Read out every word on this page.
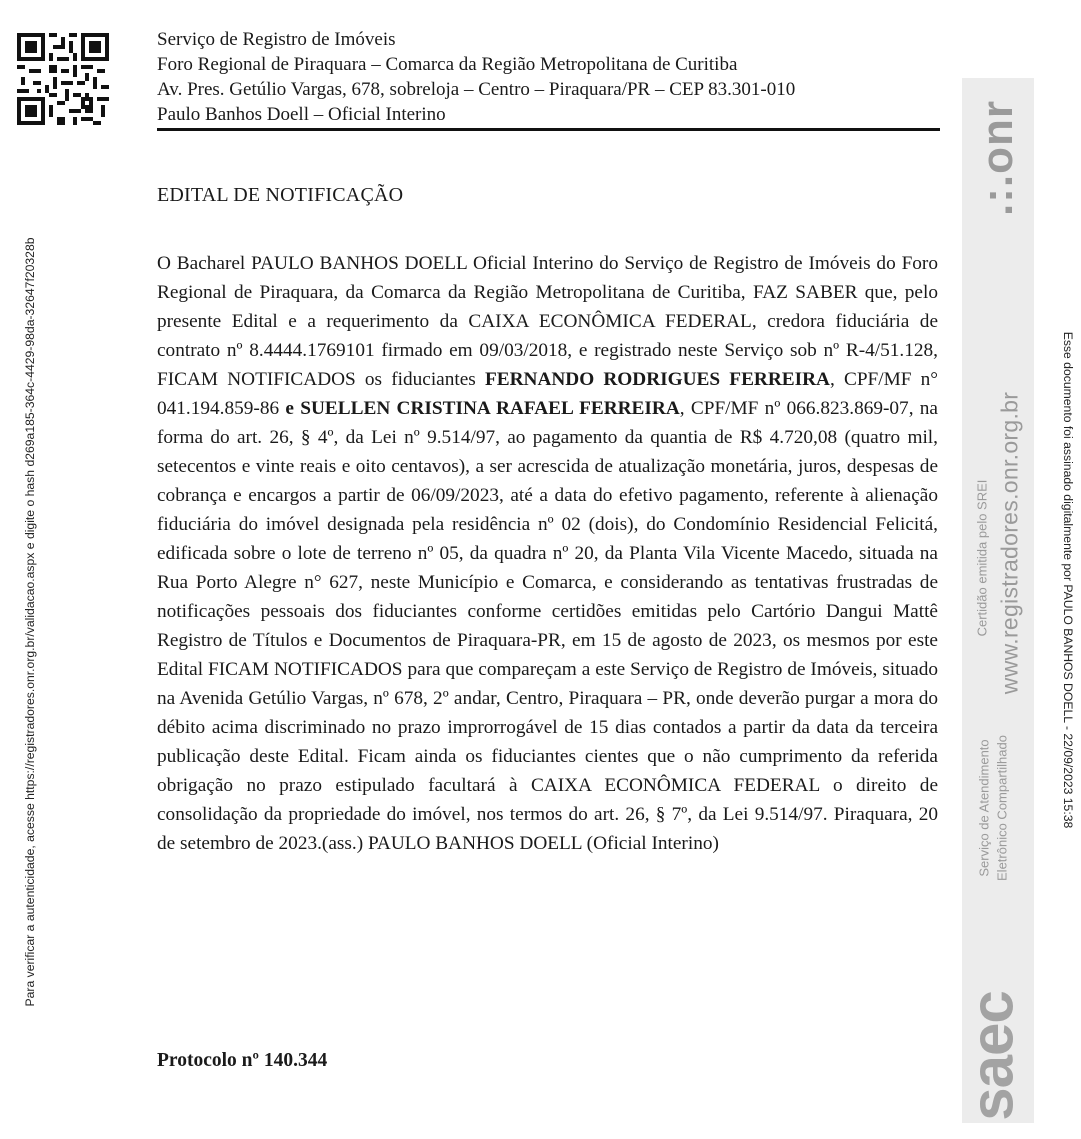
Serviço de Registro de Imóveis
Foro Regional de Piraquara – Comarca da Região Metropolitana de Curitiba
Av. Pres. Getúlio Vargas, 678, sobreloja – Centro – Piraquara/PR – CEP 83.301-010
Paulo Banhos Doell – Oficial Interino
EDITAL DE NOTIFICAÇÃO
O Bacharel PAULO BANHOS DOELL Oficial Interino do Serviço de Registro de Imóveis do Foro Regional de Piraquara, da Comarca da Região Metropolitana de Curitiba, FAZ SABER que, pelo presente Edital e a requerimento da CAIXA ECONÔMICA FEDERAL, credora fiduciária de contrato nº 8.4444.1769101 firmado em 09/03/2018, e registrado neste Serviço sob nº R-4/51.128, FICAM NOTIFICADOS os fiduciantes FERNANDO RODRIGUES FERREIRA, CPF/MF n° 041.194.859-86 e SUELLEN CRISTINA RAFAEL FERREIRA, CPF/MF nº 066.823.869-07, na forma do art. 26, § 4º, da Lei nº 9.514/97, ao pagamento da quantia de R$ 4.720,08 (quatro mil, setecentos e vinte reais e oito centavos), a ser acrescida de atualização monetária, juros, despesas de cobrança e encargos a partir de 06/09/2023, até a data do efetivo pagamento, referente à alienação fiduciária do imóvel designada pela residência nº 02 (dois), do Condomínio Residencial Felicitá, edificada sobre o lote de terreno nº 05, da quadra nº 20, da Planta Vila Vicente Macedo, situada na Rua Porto Alegre n° 627, neste Município e Comarca, e considerando as tentativas frustradas de notificações pessoais dos fiduciantes conforme certidões emitidas pelo Cartório Dangui Mattê Registro de Títulos e Documentos de Piraquara-PR, em 15 de agosto de 2023, os mesmos por este Edital FICAM NOTIFICADOS para que compareçam a este Serviço de Registro de Imóveis, situado na Avenida Getúlio Vargas, nº 678, 2º andar, Centro, Piraquara – PR, onde deverão purgar a mora do débito acima discriminado no prazo improrrogável de 15 dias contados a partir da data da terceira publicação deste Edital. Ficam ainda os fiduciantes cientes que o não cumprimento da referida obrigação no prazo estipulado facultará à CAIXA ECONÔMICA FEDERAL o direito de consolidação da propriedade do imóvel, nos termos do art. 26, § 7º, da Lei 9.514/97. Piraquara, 20 de setembro de 2023.(ass.) PAULO BANHOS DOELL (Oficial Interino)
Protocolo nº 140.344
Para verificar a autenticidade, acesse https://registradores.onr.org.br/validacao.aspx e digite o hash d269a185-364c-4429-98da-32647f20328b	Esse documento foi assinado digitalmente por PAULO BANHOS DOELL - 22/09/2023 15:38
.:.onr
www.registradores.onr.org.br
Certidão emitida pelo SREI
Serviço de Atendimento Eletrônico Compartilhado
saec
